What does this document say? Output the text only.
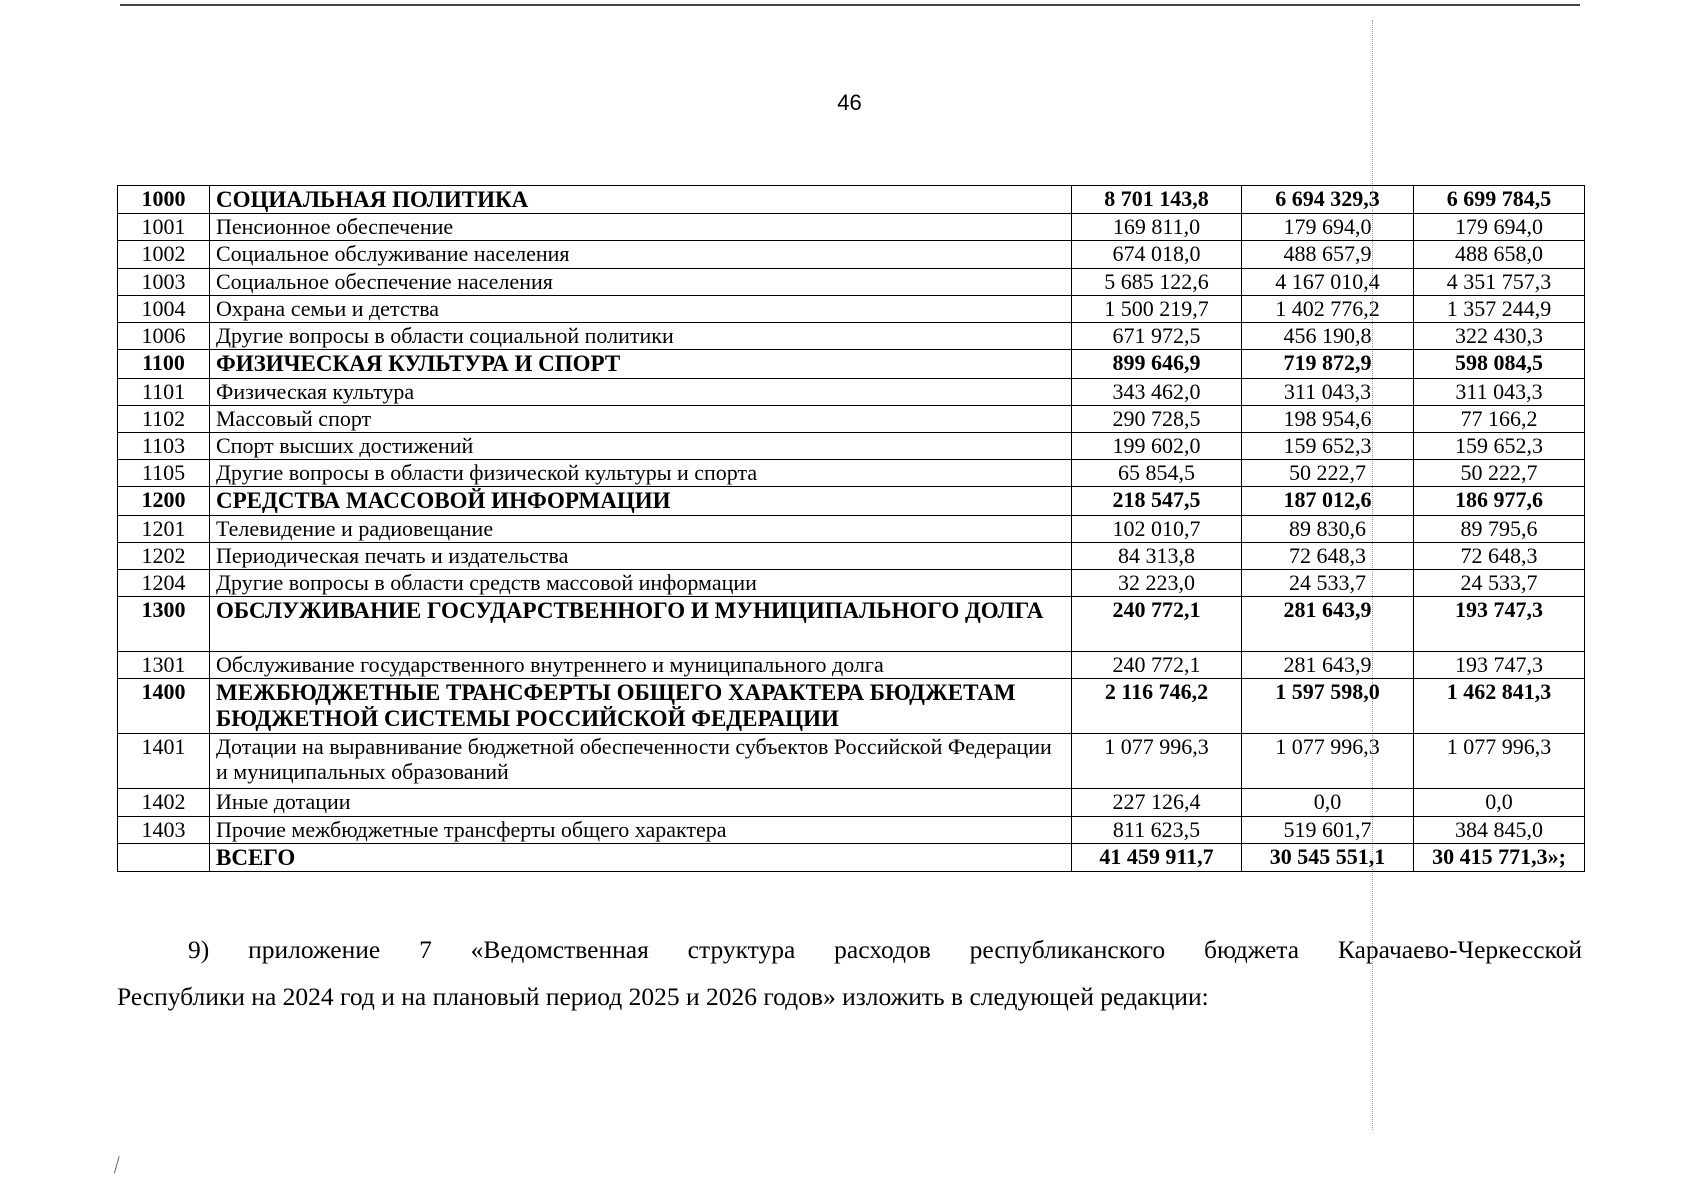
46
1000	СОЦИАЛЬНАЯ ПОЛИТИКА	8 701 143,8	6 694 329,3	6 699 784,5
1001	Пенсионное обеспечение	169 811,0	179 694,0	179 694,0
1002	Социальное обслуживание населения	674 018,0	488 657,9	488 658,0
1003	Социальное обеспечение населения	5 685 122,6	4 167 010,4	4 351 757,3
1004	Охрана семьи и детства	1 500 219,7	1 402 776,2	1 357 244,9
1006	Другие вопросы в области социальной политики	671 972,5	456 190,8	322 430,3
1100	ФИЗИЧЕСКАЯ КУЛЬТУРА И СПОРТ	899 646,9	719 872,9	598 084,5
1101	Физическая культура	343 462,0	311 043,3	311 043,3
1102	Массовый спорт	290 728,5	198 954,6	77 166,2
1103	Спорт высших достижений	199 602,0	159 652,3	159 652,3
1105	Другие вопросы в области физической культуры и спорта	65 854,5	50 222,7	50 222,7
1200	СРЕДСТВА МАССОВОЙ ИНФОРМАЦИИ	218 547,5	187 012,6	186 977,6
1201	Телевидение и радиовещание	102 010,7	89 830,6	89 795,6
1202	Периодическая печать и издательства	84 313,8	72 648,3	72 648,3
1204	Другие вопросы в области средств массовой информации	32 223,0	24 533,7	24 533,7
1300	ОБСЛУЖИВАНИЕ ГОСУДАРСТВЕННОГО И МУНИЦИПАЛЬНОГО ДОЛГА	240 772,1	281 643,9	193 747,3
1301	Обслуживание государственного внутреннего и муниципального долга	240 772,1	281 643,9	193 747,3
1400	МЕЖБЮДЖЕТНЫЕ ТРАНСФЕРТЫ ОБЩЕГО ХАРАКТЕРА БЮДЖЕТАМ БЮДЖЕТНОЙ СИСТЕМЫ РОССИЙСКОЙ ФЕДЕРАЦИИ	2 116 746,2	1 597 598,0	1 462 841,3
1401	Дотации на выравнивание бюджетной обеспеченности субъектов Российской Федерации и муниципальных образований	1 077 996,3	1 077 996,3	1 077 996,3
1402	Иные дотации	227 126,4	0,0	0,0
1403	Прочие межбюджетные трансферты общего характера	811 623,5	519 601,7	384 845,0
	ВСЕГО	41 459 911,7	30 545 551,1	30 415 771,3»;
9) приложение 7 «Ведомственная структура расходов республиканского бюджета Карачаево-Черкесской
Республики на 2024 год и на плановый период 2025 и 2026 годов» изложить в следующей редакции:
⁄
